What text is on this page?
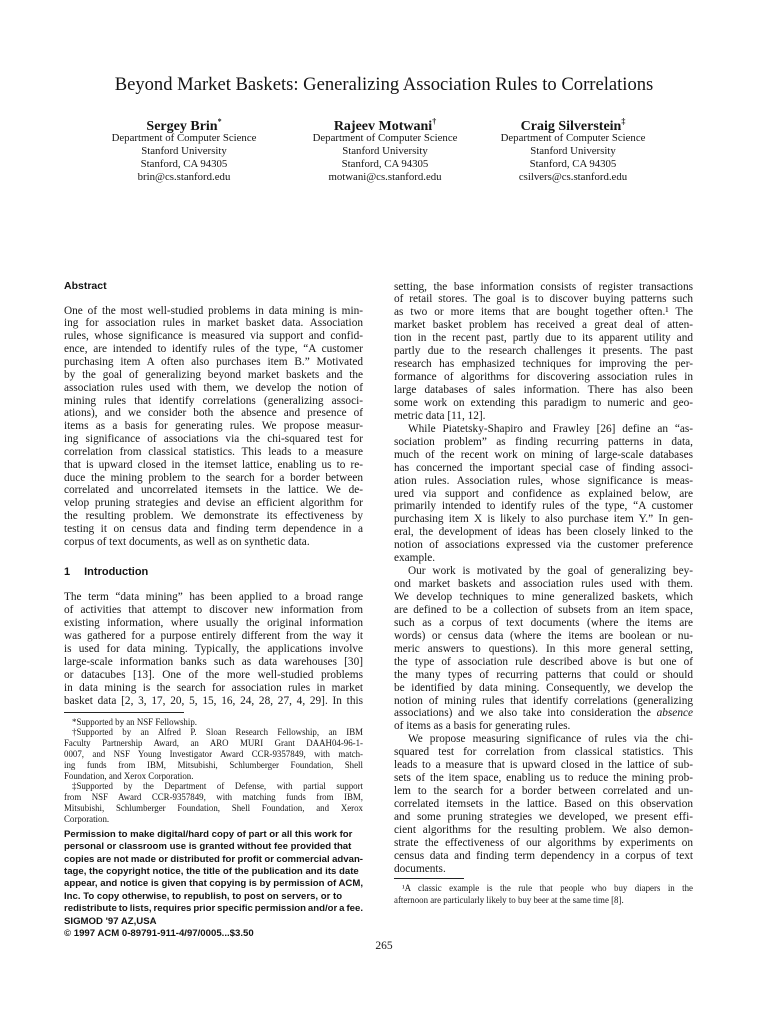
Beyond Market Baskets: Generalizing Association Rules to Correlations
Sergey Brin*
Department of Computer Science
Stanford University
Stanford, CA 94305
brin@cs.stanford.edu
Rajeev Motwani†
Department of Computer Science
Stanford University
Stanford, CA 94305
motwani@cs.stanford.edu
Craig Silverstein‡
Department of Computer Science
Stanford University
Stanford, CA 94305
csilvers@cs.stanford.edu
Abstract
One of the most well-studied problems in data mining is min-
ing for association rules in market basket data. Association
rules, whose significance is measured via support and confid-
ence, are intended to identify rules of the type, “A customer
purchasing item A often also purchases item B.” Motivated
by the goal of generalizing beyond market baskets and the
association rules used with them, we develop the notion of
mining rules that identify correlations (generalizing associ-
ations), and we consider both the absence and presence of
items as a basis for generating rules. We propose measur-
ing significance of associations via the chi-squared test for
correlation from classical statistics. This leads to a measure
that is upward closed in the itemset lattice, enabling us to re-
duce the mining problem to the search for a border between
correlated and uncorrelated itemsets in the lattice. We de-
velop pruning strategies and devise an efficient algorithm for
the resulting problem. We demonstrate its effectiveness by
testing it on census data and finding term dependence in a
corpus of text documents, as well as on synthetic data.
1 Introduction
The term “data mining” has been applied to a broad range
of activities that attempt to discover new information from
existing information, where usually the original information
was gathered for a purpose entirely different from the way it
is used for data mining. Typically, the applications involve
large-scale information banks such as data warehouses [30]
or datacubes [13]. One of the more well-studied problems
in data mining is the search for association rules in market
basket data [2, 3, 17, 20, 5, 15, 16, 24, 28, 27, 4, 29]. In this
*Supported by an NSF Fellowship.
†Supported by an Alfred P. Sloan Research Fellowship, an IBM
Faculty Partnership Award, an ARO MURI Grant DAAH04-96-1-
0007, and NSF Young Investigator Award CCR-9357849, with match-
ing funds from IBM, Mitsubishi, Schlumberger Foundation, Shell
Foundation, and Xerox Corporation.
‡Supported by the Department of Defense, with partial support
from NSF Award CCR-9357849, with matching funds from IBM,
Mitsubishi, Schlumberger Foundation, Shell Foundation, and Xerox
Corporation.
Permission to make digital/hard copy of part or all this work for
personal or classroom use is granted without fee provided that
copies are not made or distributed for profit or commercial advan-
tage, the copyright notice, the title of the publication and its date
appear, and notice is given that copying is by permission of ACM,
Inc. To copy otherwise, to republish, to post on servers, or to
redistribute to lists, requires prior specific permission and/or a fee.
SIGMOD '97 AZ,USA
© 1997 ACM 0-89791-911-4/97/0005...$3.50
setting, the base information consists of register transactions
of retail stores. The goal is to discover buying patterns such
as two or more items that are bought together often.¹ The
market basket problem has received a great deal of atten-
tion in the recent past, partly due to its apparent utility and
partly due to the research challenges it presents. The past
research has emphasized techniques for improving the per-
formance of algorithms for discovering association rules in
large databases of sales information. There has also been
some work on extending this paradigm to numeric and geo-
metric data [11, 12].
While Piatetsky-Shapiro and Frawley [26] define an “as-
sociation problem” as finding recurring patterns in data,
much of the recent work on mining of large-scale databases
has concerned the important special case of finding associ-
ation rules. Association rules, whose significance is meas-
ured via support and confidence as explained below, are
primarily intended to identify rules of the type, “A customer
purchasing item X is likely to also purchase item Y.” In gen-
eral, the development of ideas has been closely linked to the
notion of associations expressed via the customer preference
example.
Our work is motivated by the goal of generalizing bey-
ond market baskets and association rules used with them.
We develop techniques to mine generalized baskets, which
are defined to be a collection of subsets from an item space,
such as a corpus of text documents (where the items are
words) or census data (where the items are boolean or nu-
meric answers to questions). In this more general setting,
the type of association rule described above is but one of
the many types of recurring patterns that could or should
be identified by data mining. Consequently, we develop the
notion of mining rules that identify correlations (generalizing
associations) and we also take into consideration the absence
of items as a basis for generating rules.
We propose measuring significance of rules via the chi-
squared test for correlation from classical statistics. This
leads to a measure that is upward closed in the lattice of sub-
sets of the item space, enabling us to reduce the mining prob-
lem to the search for a border between correlated and un-
correlated itemsets in the lattice. Based on this observation
and some pruning strategies we developed, we present effi-
cient algorithms for the resulting problem. We also demon-
strate the effectiveness of our algorithms by experiments on
census data and finding term dependency in a corpus of text
documents.
¹A classic example is the rule that people who buy diapers in the
afternoon are particularly likely to buy beer at the same time [8].
265
